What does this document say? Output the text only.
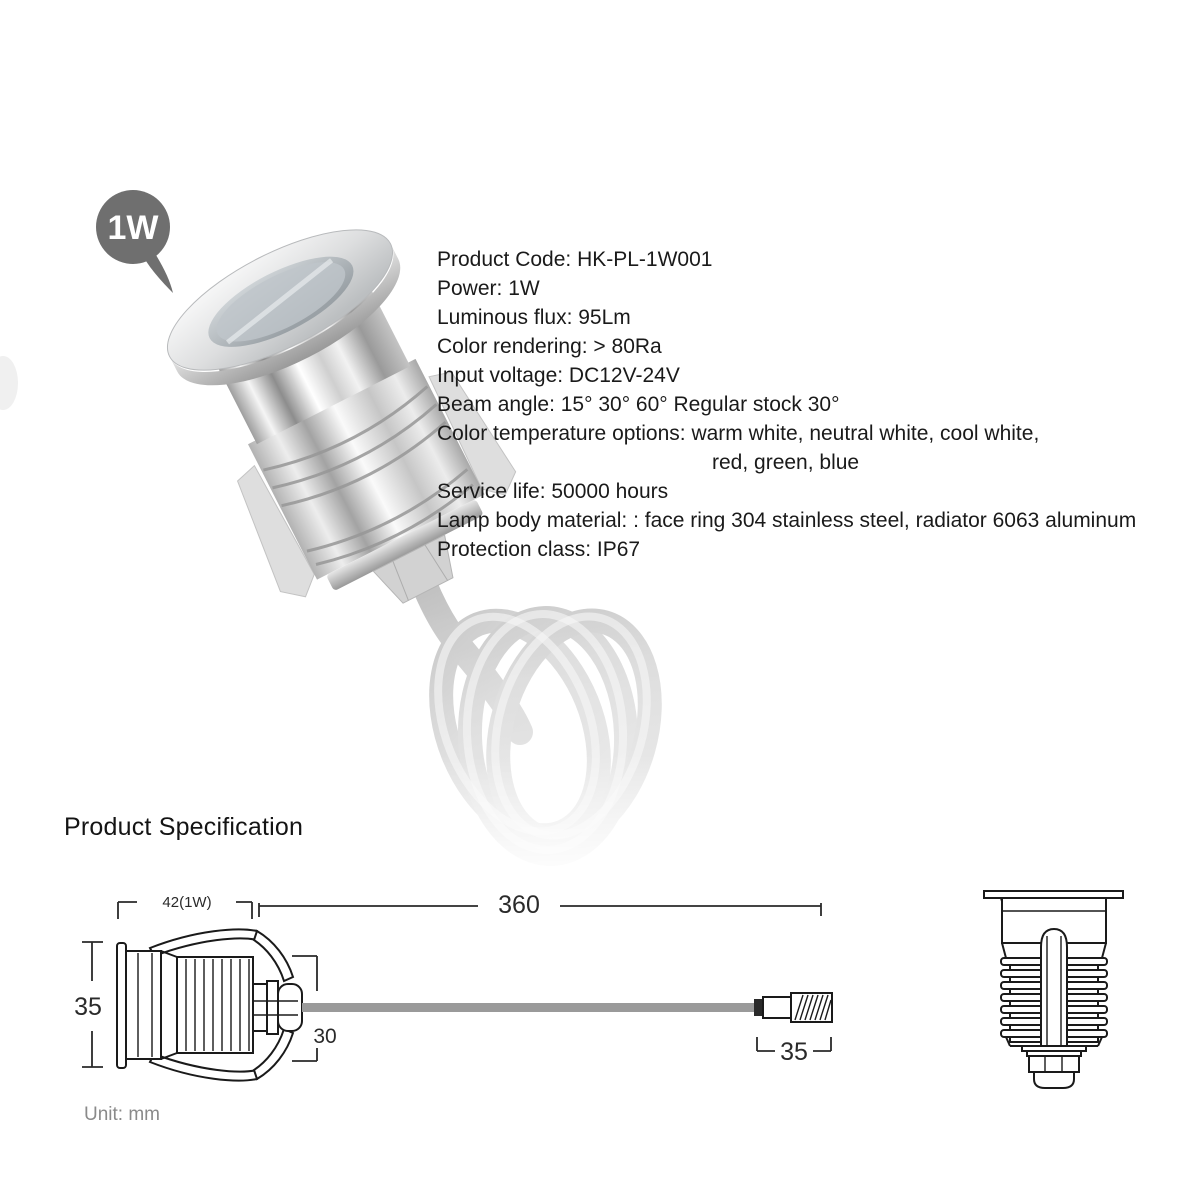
1W
Product Code: HK-PL-1W001
Power: 1W
Luminous flux: 95Lm
Color rendering: > 80Ra
Input voltage: DC12V-24V
Beam angle: 15° 30° 60° Regular stock 30°
Color temperature options: warm white, neutral white, cool white,
red, green, blue
Service life: 50000 hours
Lamp body material: : face ring 304 stainless steel, radiator 6063 aluminum
Protection class: IP67
Product Specification
42(1W)	360
35
30
35
Unit: mm
